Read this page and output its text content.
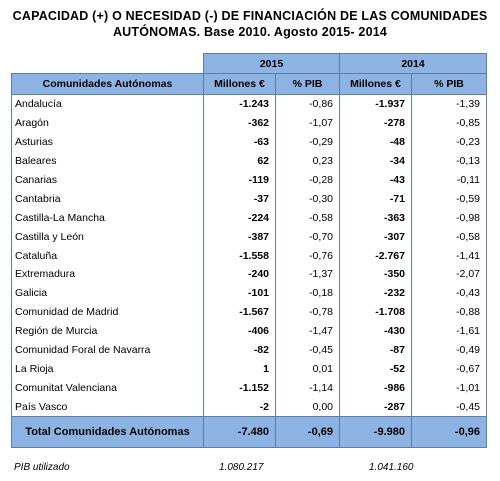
CAPACIDAD (+) O NECESIDAD (-) DE FINANCIACIÓN DE LAS COMUNIDADES
AUTÓNOMAS. Base 2010. Agosto 2015- 2014
	2015		2014	
Comunidades Autónomas	Millones €	% PIB	Millones €	% PIB
Andalucía	-1.243	-0,86	-1.937	-1,39
Aragón	-362	-1,07	-278	-0,85
Asturias	-63	-0,29	-48	-0,23
Baleares	62	0,23	-34	-0,13
Canarias	-119	-0,28	-43	-0,11
Cantabria	-37	-0,30	-71	-0,59
Castilla-La Mancha	-224	-0,58	-363	-0,98
Castilla y León	-387	-0,70	-307	-0,58
Cataluña	-1.558	-0,76	-2.767	-1,41
Extremadura	-240	-1,37	-350	-2,07
Galicia	-101	-0,18	-232	-0,43
Comunidad de Madrid	-1.567	-0,78	-1.708	-0,88
Región de Murcia	-406	-1,47	-430	-1,61
Comunidad Foral de Navarra	-82	-0,45	-87	-0,49
La Rioja	1	0,01	-52	-0,67
Comunitat Valenciana	-1.152	-1,14	-986	-1,01
País Vasco	-2	0,00	-287	-0,45
Total Comunidades Autónomas	-7.480	-0,69	-9.980	-0,96
PIB utilizado	1.080.217	1.041.160
